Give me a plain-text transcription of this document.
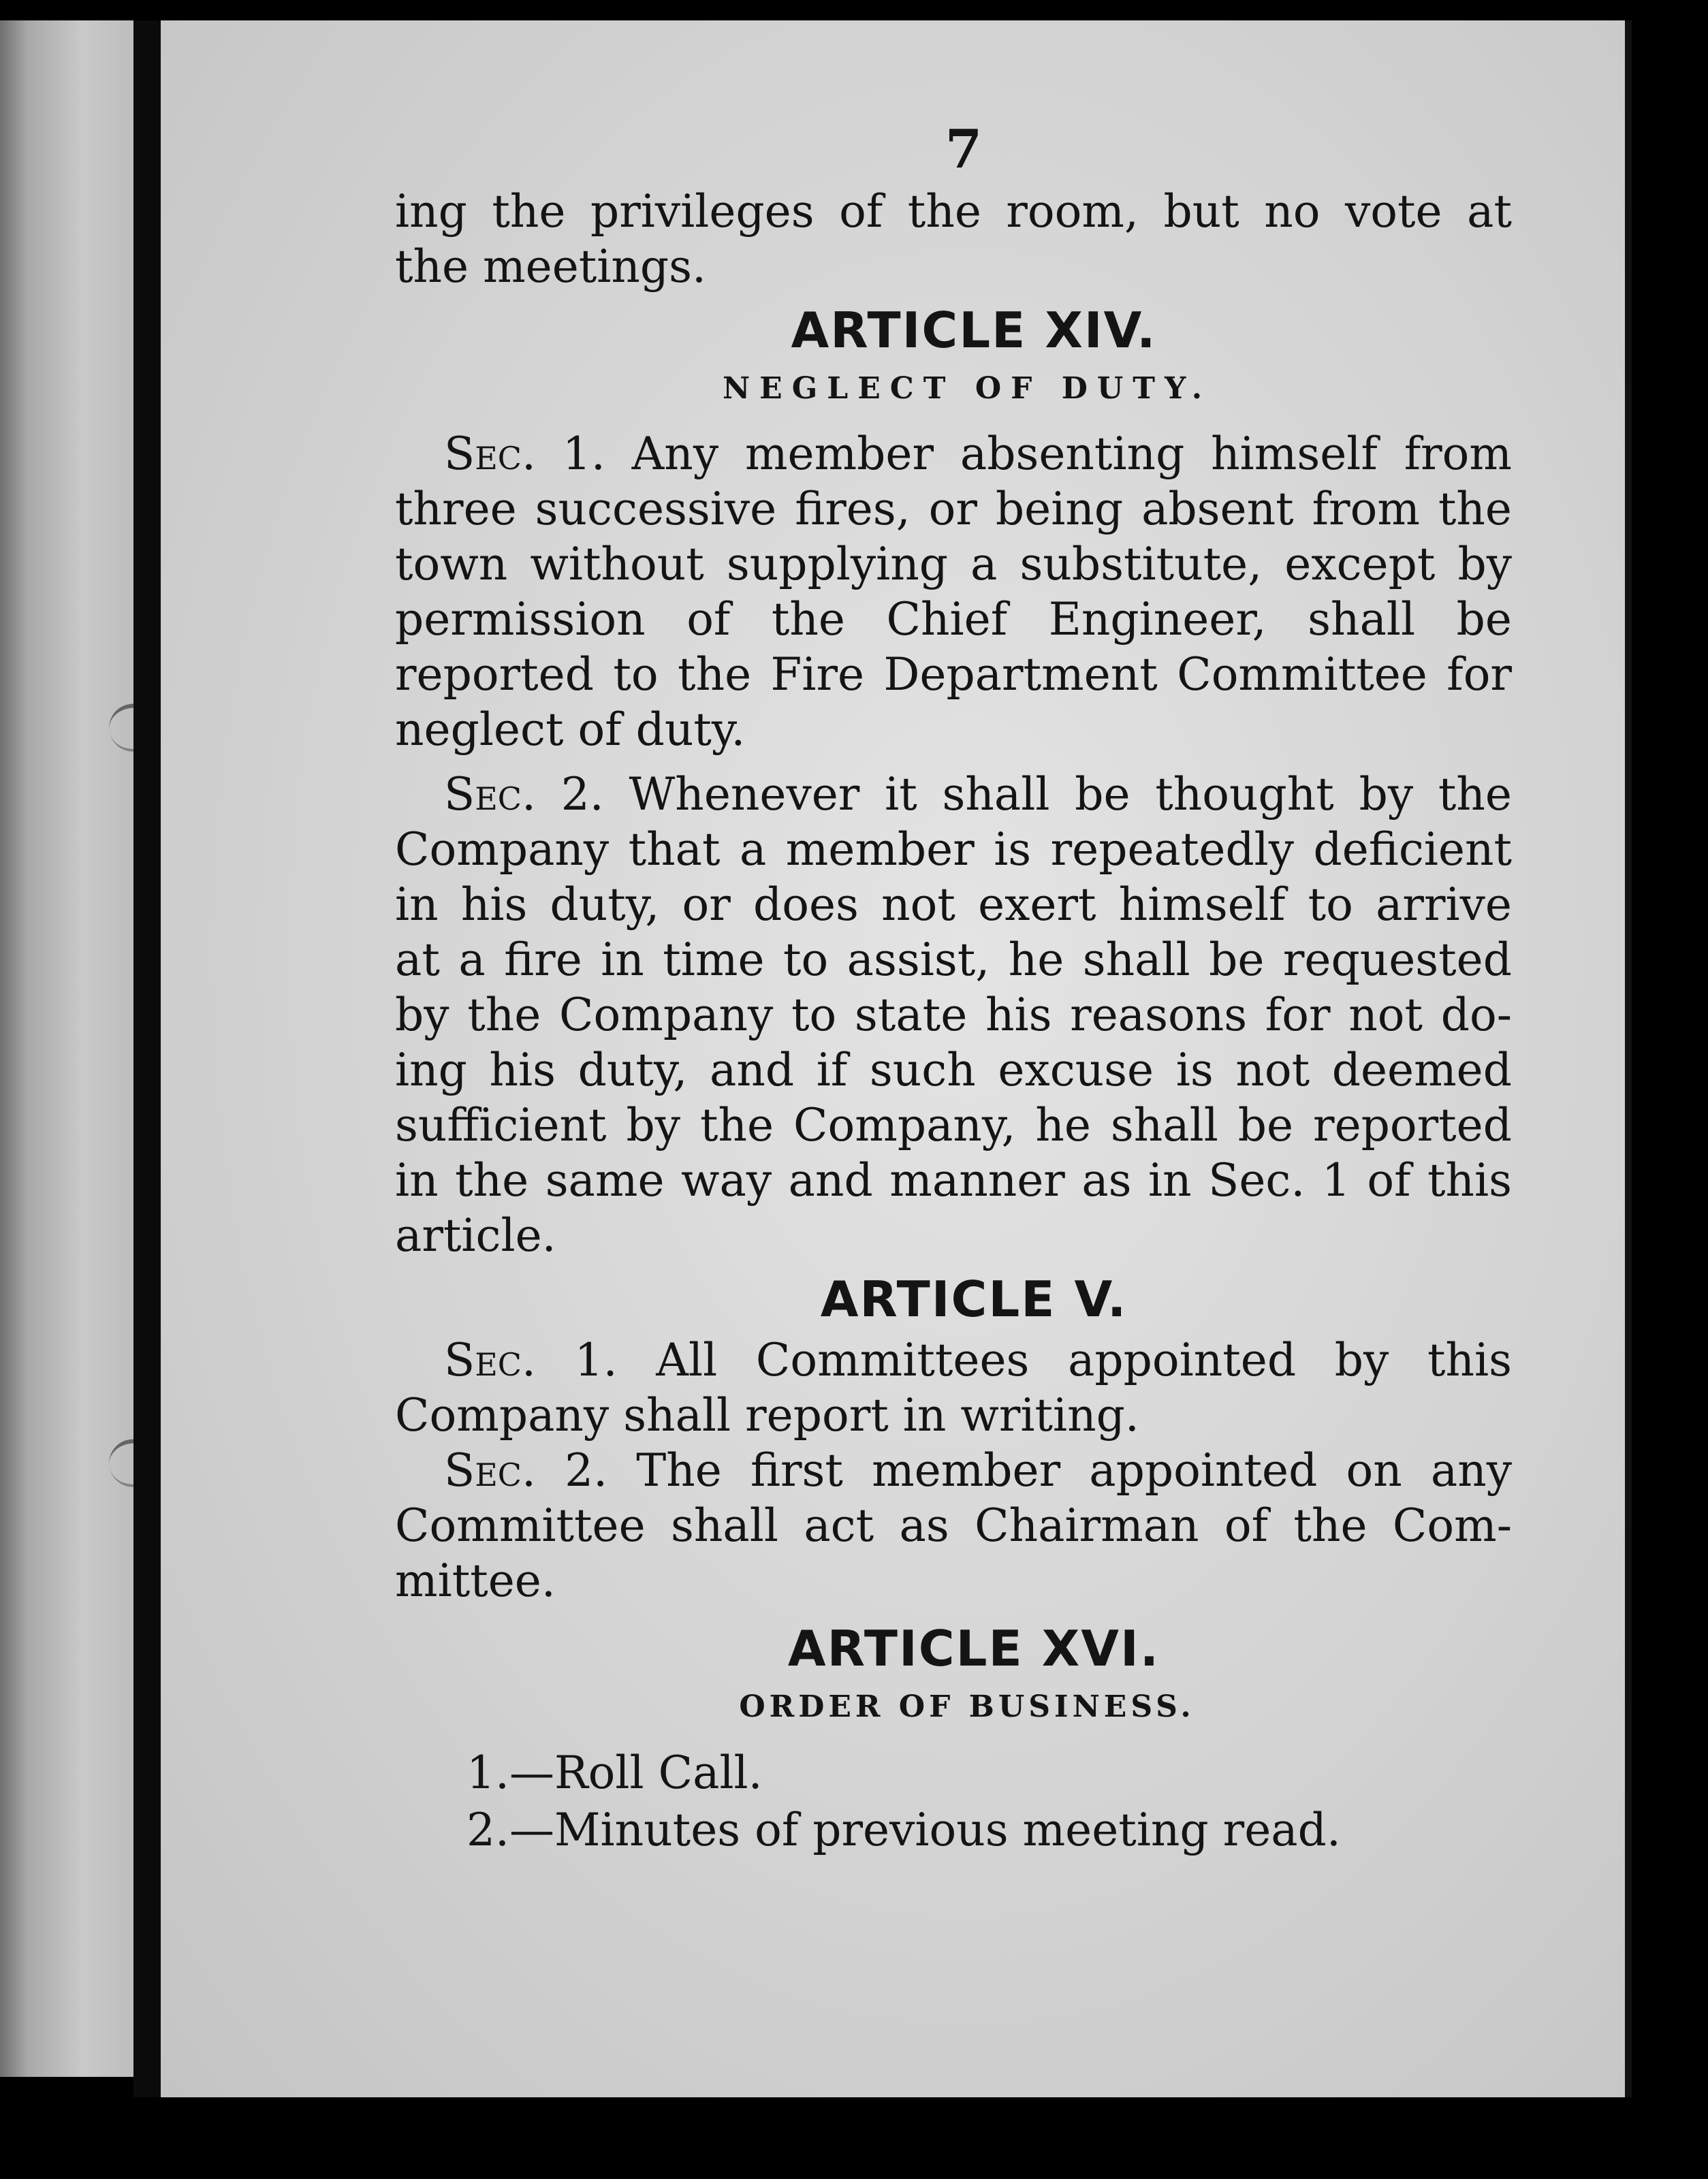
7

ing the privileges of the room, but no vote at
the meetings.

ARTICLE XIV.
NEGLECT OF DUTY.

Sec. 1. Any member absenting himself from
three successive fires, or being absent from the
town without supplying a substitute, except by
permission of the Chief Engineer, shall be
reported to the Fire Department Committee for
neglect of duty.

Sec. 2. Whenever it shall be thought by the
Company that a member is repeatedly deficient
in his duty, or does not exert himself to arrive
at a fire in time to assist, he shall be requested
by the Company to state his reasons for not do-
ing his duty, and if such excuse is not deemed
sufficient by the Company, he shall be reported
in the same way and manner as in Sec. 1 of this
article.

ARTICLE V.

Sec. 1. All Committees appointed by this
Company shall report in writing.

Sec. 2. The first member appointed on any
Committee shall act as Chairman of the Com-
mittee.

ARTICLE XVI.
ORDER OF BUSINESS.
1.—Roll Call.
2.—Minutes of previous meeting read.
